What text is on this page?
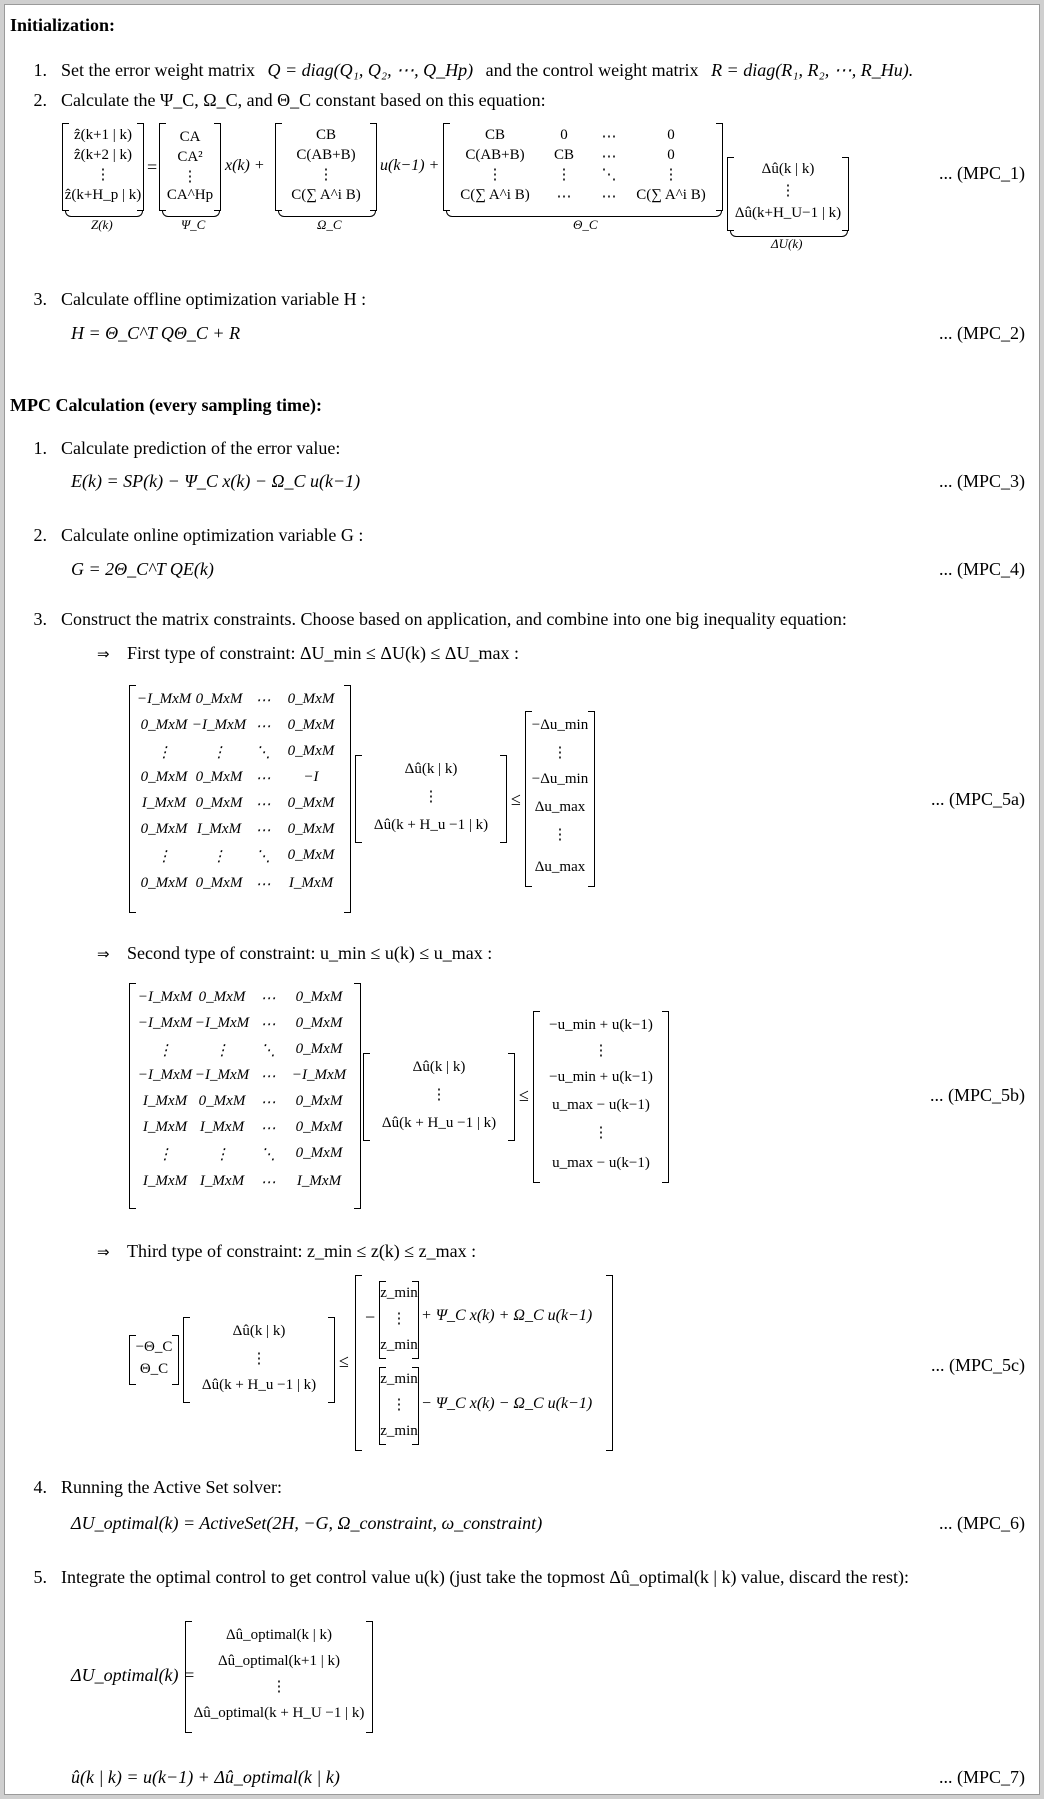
Initialization:
1. Set the error weight matrix Q = diag(Q₁, Q₂, ⋯, Q_Hp) and the control weight matrix R = diag(R₁, R₂, ⋯, R_Hu).
2. Calculate the Ψ_C, Ω_C, and Θ_C constant based on this equation:
ẑ(k+1 | k)
ẑ(k+2 | k)
⋮
ẑ(k+H_p | k)
Z(k)
=
CA
CA²
⋮
CA^Hp
Ψ_C
x(k) +
CB
C(AB+B)
⋮
C(∑ A^i B)
Ω_C
u(k−1) +
CB	0	⋯	0
C(AB+B)	CB	⋯	0
⋮	⋮	⋱	⋮
C(∑ A^i B)	⋯	⋯	C(∑ A^i B)
Θ_C
Δû(k | k)
⋮
Δû(k+H_U−1 | k)
ΔU(k)
... (MPC_1)
3. Calculate offline optimization variable H :
H = Θ_C^T QΘ_C + R	... (MPC_2)
MPC Calculation (every sampling time):
1. Calculate prediction of the error value:
E(k) = SP(k) − Ψ_C x(k) − Ω_C u(k−1)	... (MPC_3)
2. Calculate online optimization variable G :
G = 2Θ_C^T QE(k)	... (MPC_4)
3. Construct the matrix constraints. Choose based on application, and combine into one big inequality equation:
⇒ First type of constraint: ΔU_min ≤ ΔU(k) ≤ ΔU_max :
−I_MxM 0_MxM ⋯	0_MxM
0_MxM −I_MxM ⋯	0_MxM
⋮	⋮	⋱	0_MxM
0_MxM 0_MxM ⋯	−I
I_MxM 0_MxM ⋯	0_MxM
0_MxM I_MxM ⋯	0_MxM
⋮	⋮	⋱	0_MxM
0_MxM 0_MxM ⋯	I_MxM
Δû(k | k)
⋮
Δû(k + H_u −1 | k)
≤
−Δu_min
⋮
−Δu_min
Δu_max
⋮
Δu_max
... (MPC_5a)
⇒ Second type of constraint: u_min ≤ u(k) ≤ u_max :
−I_MxM 0_MxM	⋯	0_MxM
−I_MxM −I_MxM ⋯	0_MxM
⋮	⋮	⋱	0_MxM
−I_MxM −I_MxM ⋯	−I_MxM
I_MxM 0_MxM	⋯	0_MxM
I_MxM I_MxM	⋯	0_MxM
⋮	⋮	⋱	0_MxM
I_MxM I_MxM	⋯	I_MxM
Δû(k | k)
⋮
Δû(k + H_u −1 | k)
≤
−u_min + u(k−1)
⋮
−u_min + u(k−1)
u_max − u(k−1)
⋮
u_max − u(k−1)
... (MPC_5b)
⇒ Third type of constraint: z_min ≤ z(k) ≤ z_max :
−Θ_C
Θ_C
Δû(k | k)
⋮
Δû(k + H_u −1 | k)
≤
−
z_min
⋮
z_min
+ Ψ_C x(k) + Ω_C u(k−1)
z_min
⋮
z_min
− Ψ_C x(k) − Ω_C u(k−1)
... (MPC_5c)
4. Running the Active Set solver:
ΔU_optimal(k) = ActiveSet(2H, −G, Ω_constraint, ω_constraint)	... (MPC_6)
5. Integrate the optimal control to get control value u(k) (just take the topmost Δû_optimal(k | k) value, discard the rest):
ΔU_optimal(k) =
Δû_optimal(k | k)
Δû_optimal(k+1 | k)
⋮
Δû_optimal(k + H_U −1 | k)
û(k | k) = u(k−1) + Δû_optimal(k | k)	... (MPC_7)
